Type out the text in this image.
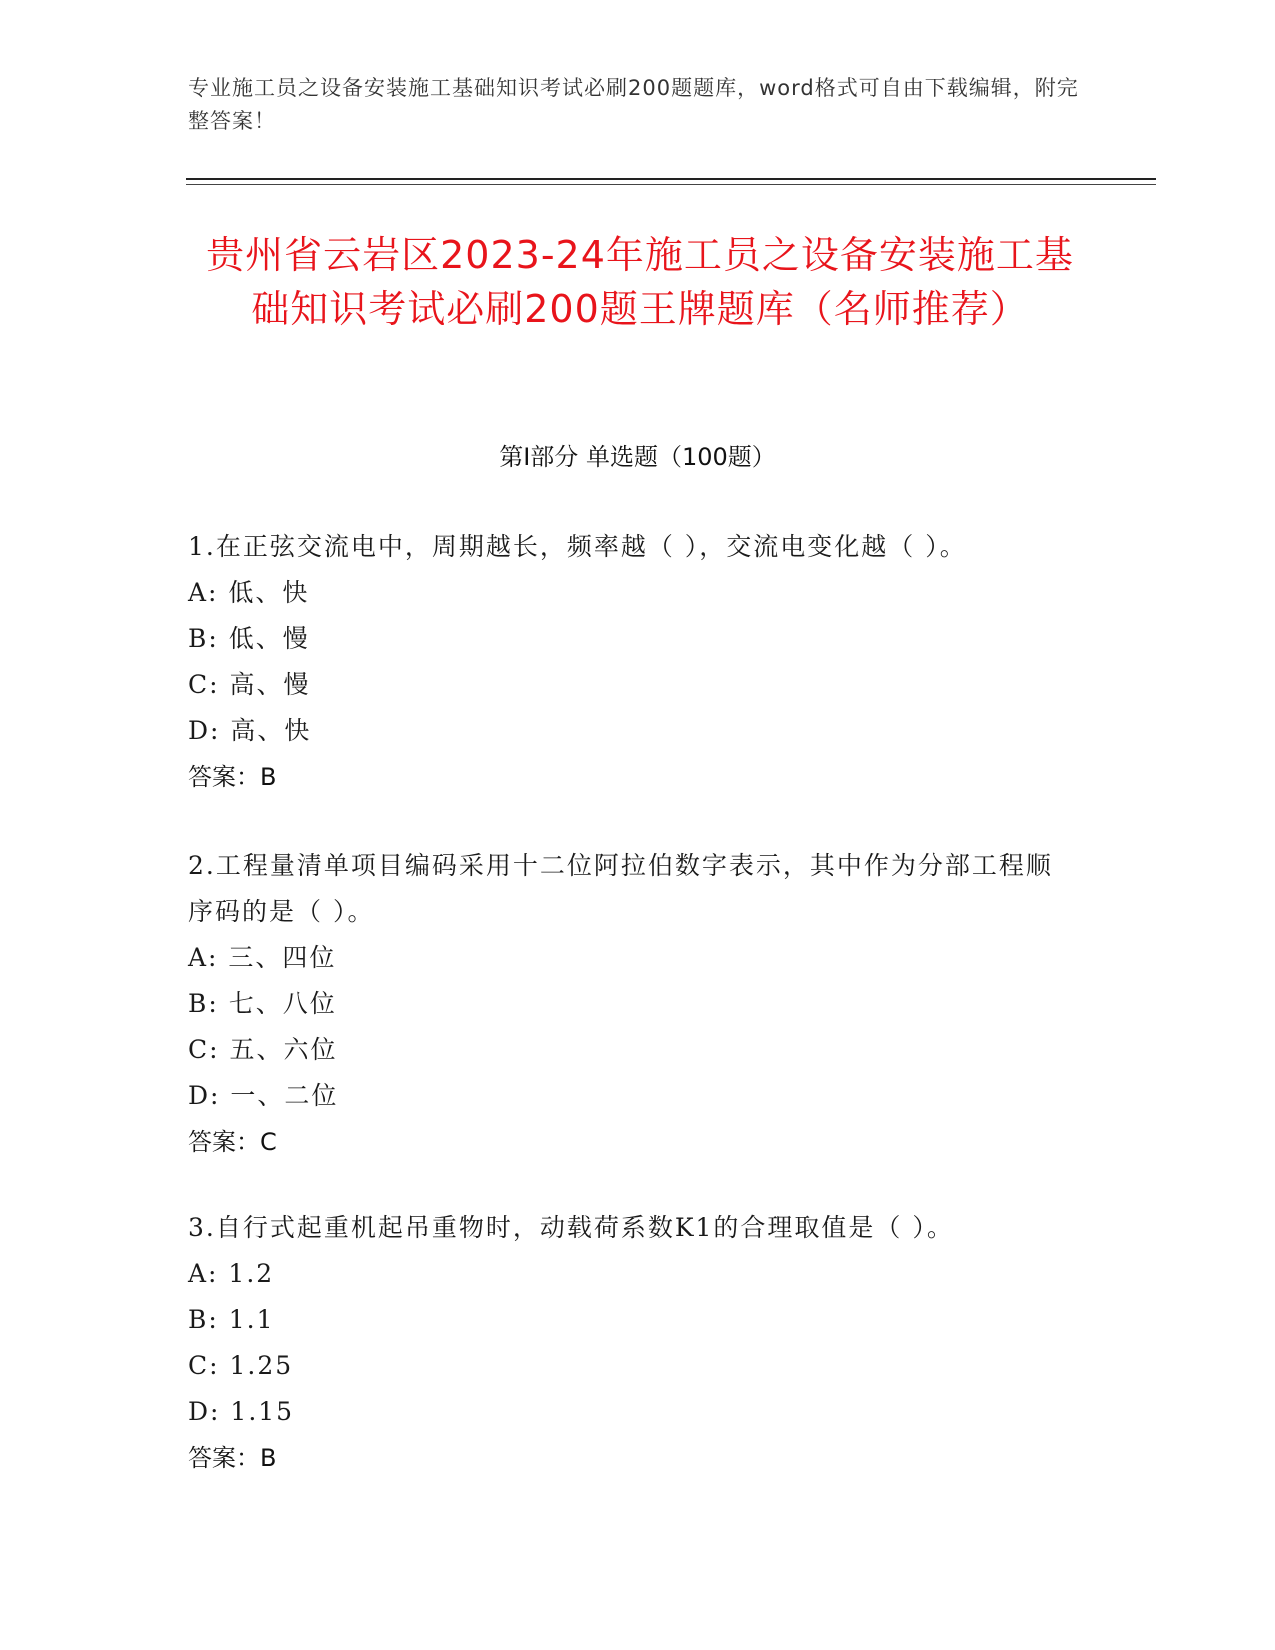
专业施工员之设备安装施工基础知识考试必刷200题题库，word格式可自由下载编辑，附完整答案！
贵州省云岩区2023-24年施工员之设备安装施工基础知识考试必刷200题王牌题库（名师推荐）
第Ⅰ部分 单选题（100题）
1.在正弦交流电中，周期越长，频率越（ ），交流电变化越（ ）。
A: 低、快
B: 低、慢
C: 高、慢
D: 高、快
答案：B
2.工程量清单项目编码采用十二位阿拉伯数字表示，其中作为分部工程顺序码的是（ ）。
A: 三、四位
B: 七、八位
C: 五、六位
D: 一、二位
答案：C
3.自行式起重机起吊重物时，动载荷系数K1的合理取值是（ ）。
A: 1.2
B: 1.1
C: 1.25
D: 1.15
答案：B
